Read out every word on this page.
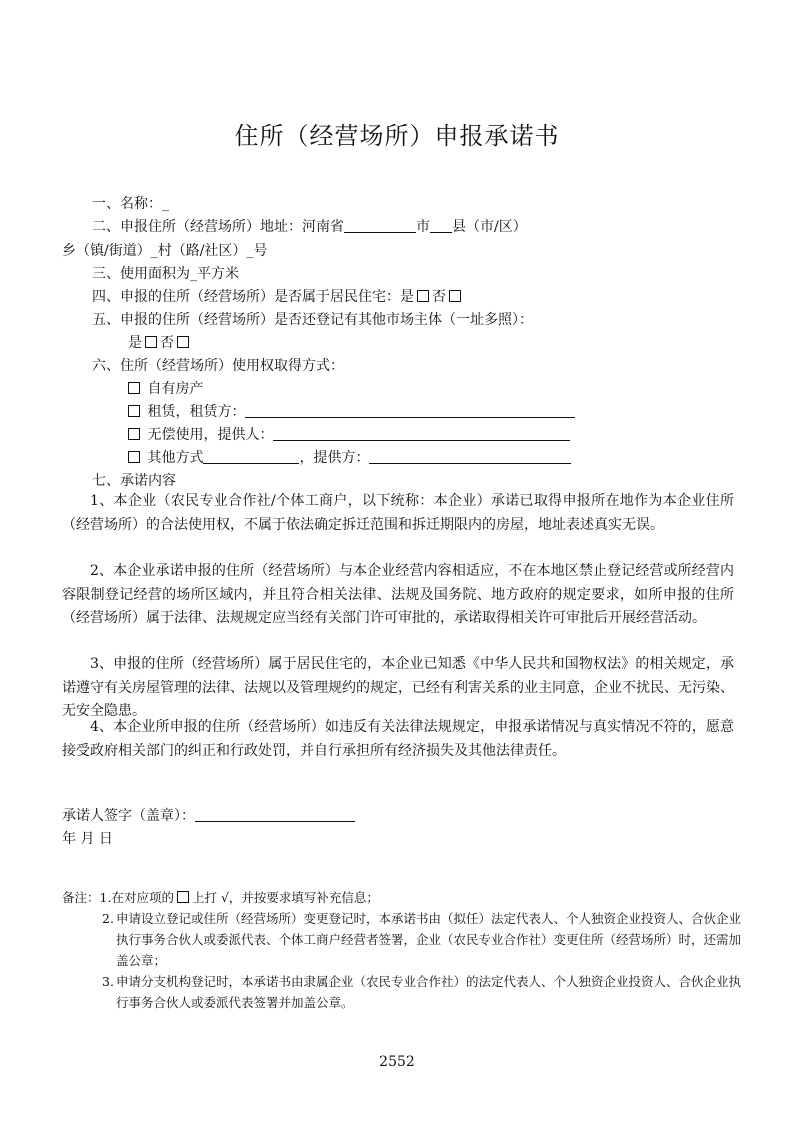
住所（经营场所）申报承诺书
一、名称：_
二、申报住所（经营场所）地址：河南省	市 县（市/区）
乡（镇/街道）_村（路/社区）_号
三、使用面积为_平方米
四、申报的住所（经营场所）是否属于居民住宅：是 否
五、申报的住所（经营场所）是否还登记有其他市场主体（一址多照）：
是 否
六、住所（经营场所）使用权取得方式：
自有房产
租赁，租赁方：
无偿使用，提供人：
其他方式	，提供方：
七、承诺内容
1、本企业（农民专业合作社/个体工商户，以下统称：本企业）承诺已取得申报所在地作为本企业住所（经营场所）的合法使用权，不属于依法确定拆迁范围和拆迁期限内的房屋，地址表述真实无误。
2、本企业承诺申报的住所（经营场所）与本企业经营内容相适应，不在本地区禁止登记经营或所经营内容限制登记经营的场所区域内，并且符合相关法律、法规及国务院、地方政府的规定要求，如所申报的住所（经营场所）属于法律、法规规定应当经有关部门许可审批的，承诺取得相关许可审批后开展经营活动。
3、申报的住所（经营场所）属于居民住宅的，本企业已知悉《中华人民共和国物权法》的相关规定，承诺遵守有关房屋管理的法律、法规以及管理规约的规定，已经有利害关系的业主同意，企业不扰民、无污染、无安全隐患。
4、本企业所申报的住所（经营场所）如违反有关法律法规规定，申报承诺情况与真实情况不符的，愿意接受政府相关部门的纠正和行政处罚，并自行承担所有经济损失及其他法律责任。
承诺人签字（盖章）：
年 月 日
备注：1.在对应项的 上打 √，并按要求填写补充信息；
2. 申请设立登记或住所（经营场所）变更登记时，本承诺书由（拟任）法定代表人、个人独资企业投资人、合伙企业执行事务合伙人或委派代表、个体工商户经营者签署，企业（农民专业合作社）变更住所（经营场所）时，还需加盖公章；
3. 申请分支机构登记时，本承诺书由隶属企业（农民专业合作社）的法定代表人、个人独资企业投资人、合伙企业执行事务合伙人或委派代表签署并加盖公章。
2552
